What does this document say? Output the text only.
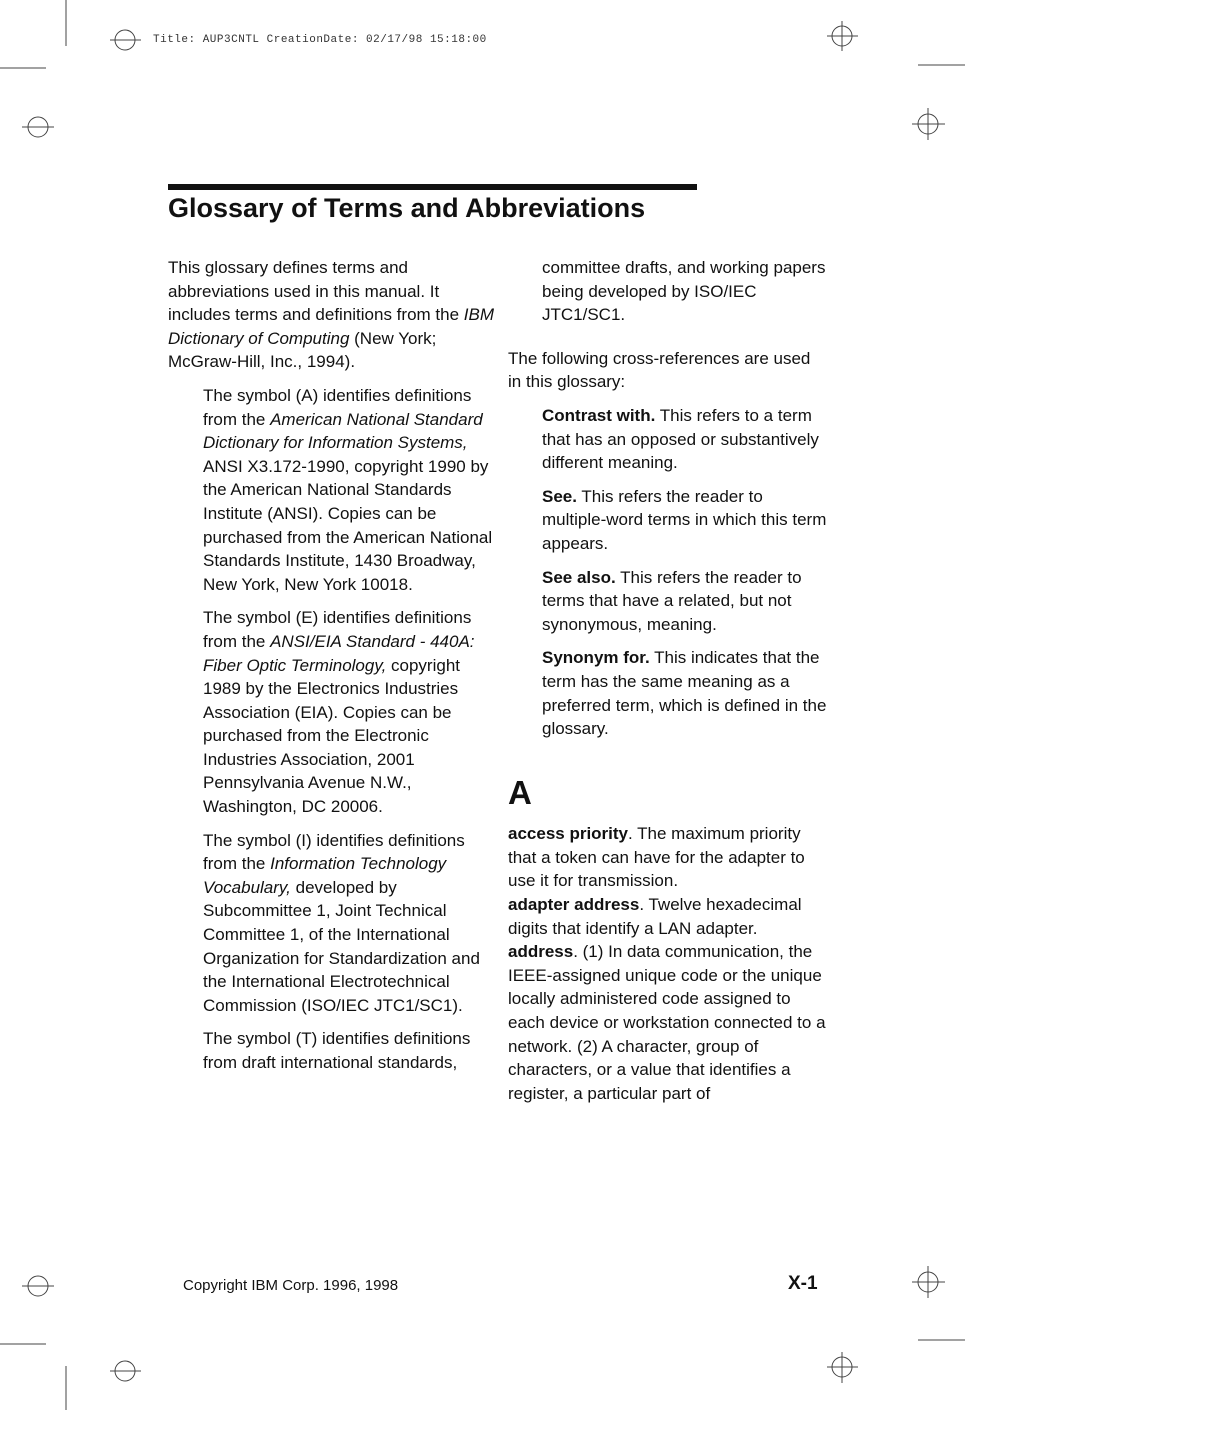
Title: AUP3CNTL CreationDate: 02/17/98 15:18:00
Glossary of Terms and Abbreviations

This glossary defines terms and abbreviations used in this manual. It includes terms and definitions from the IBM Dictionary of Computing (New York; McGraw-Hill, Inc., 1994).

The symbol (A) identifies definitions from the American National Standard Dictionary for Information Systems, ANSI X3.172-1990, copyright 1990 by the American National Standards Institute (ANSI). Copies can be purchased from the American National Standards Institute, 1430 Broadway, New York, New York 10018.

The symbol (E) identifies definitions from the ANSI/EIA Standard - 440A: Fiber Optic Terminology, copyright 1989 by the Electronics Industries Association (EIA). Copies can be purchased from the Electronic Industries Association, 2001 Pennsylvania Avenue N.W., Washington, DC 20006.

The symbol (I) identifies definitions from the Information Technology Vocabulary, developed by Subcommittee 1, Joint Technical Committee 1, of the International Organization for Standardization and the International Electrotechnical Commission (ISO/IEC JTC1/SC1).

The symbol (T) identifies definitions from draft international standards,

committee drafts, and working papers being developed by ISO/IEC JTC1/SC1.

The following cross-references are used in this glossary:

Contrast with. This refers to a term that has an opposed or substantively different meaning.

See. This refers the reader to multiple-word terms in which this term appears.

See also. This refers the reader to terms that have a related, but not synonymous, meaning.

Synonym for. This indicates that the term has the same meaning as a preferred term, which is defined in the glossary.

A

access priority. The maximum priority that a token can have for the adapter to use it for transmission.

adapter address. Twelve hexadecimal digits that identify a LAN adapter.

address. (1) In data communication, the IEEE-assigned unique code or the unique locally administered code assigned to each device or workstation connected to a network. (2) A character, group of characters, or a value that identifies a register, a particular part of

Copyright IBM Corp. 1996, 1998	X-1
